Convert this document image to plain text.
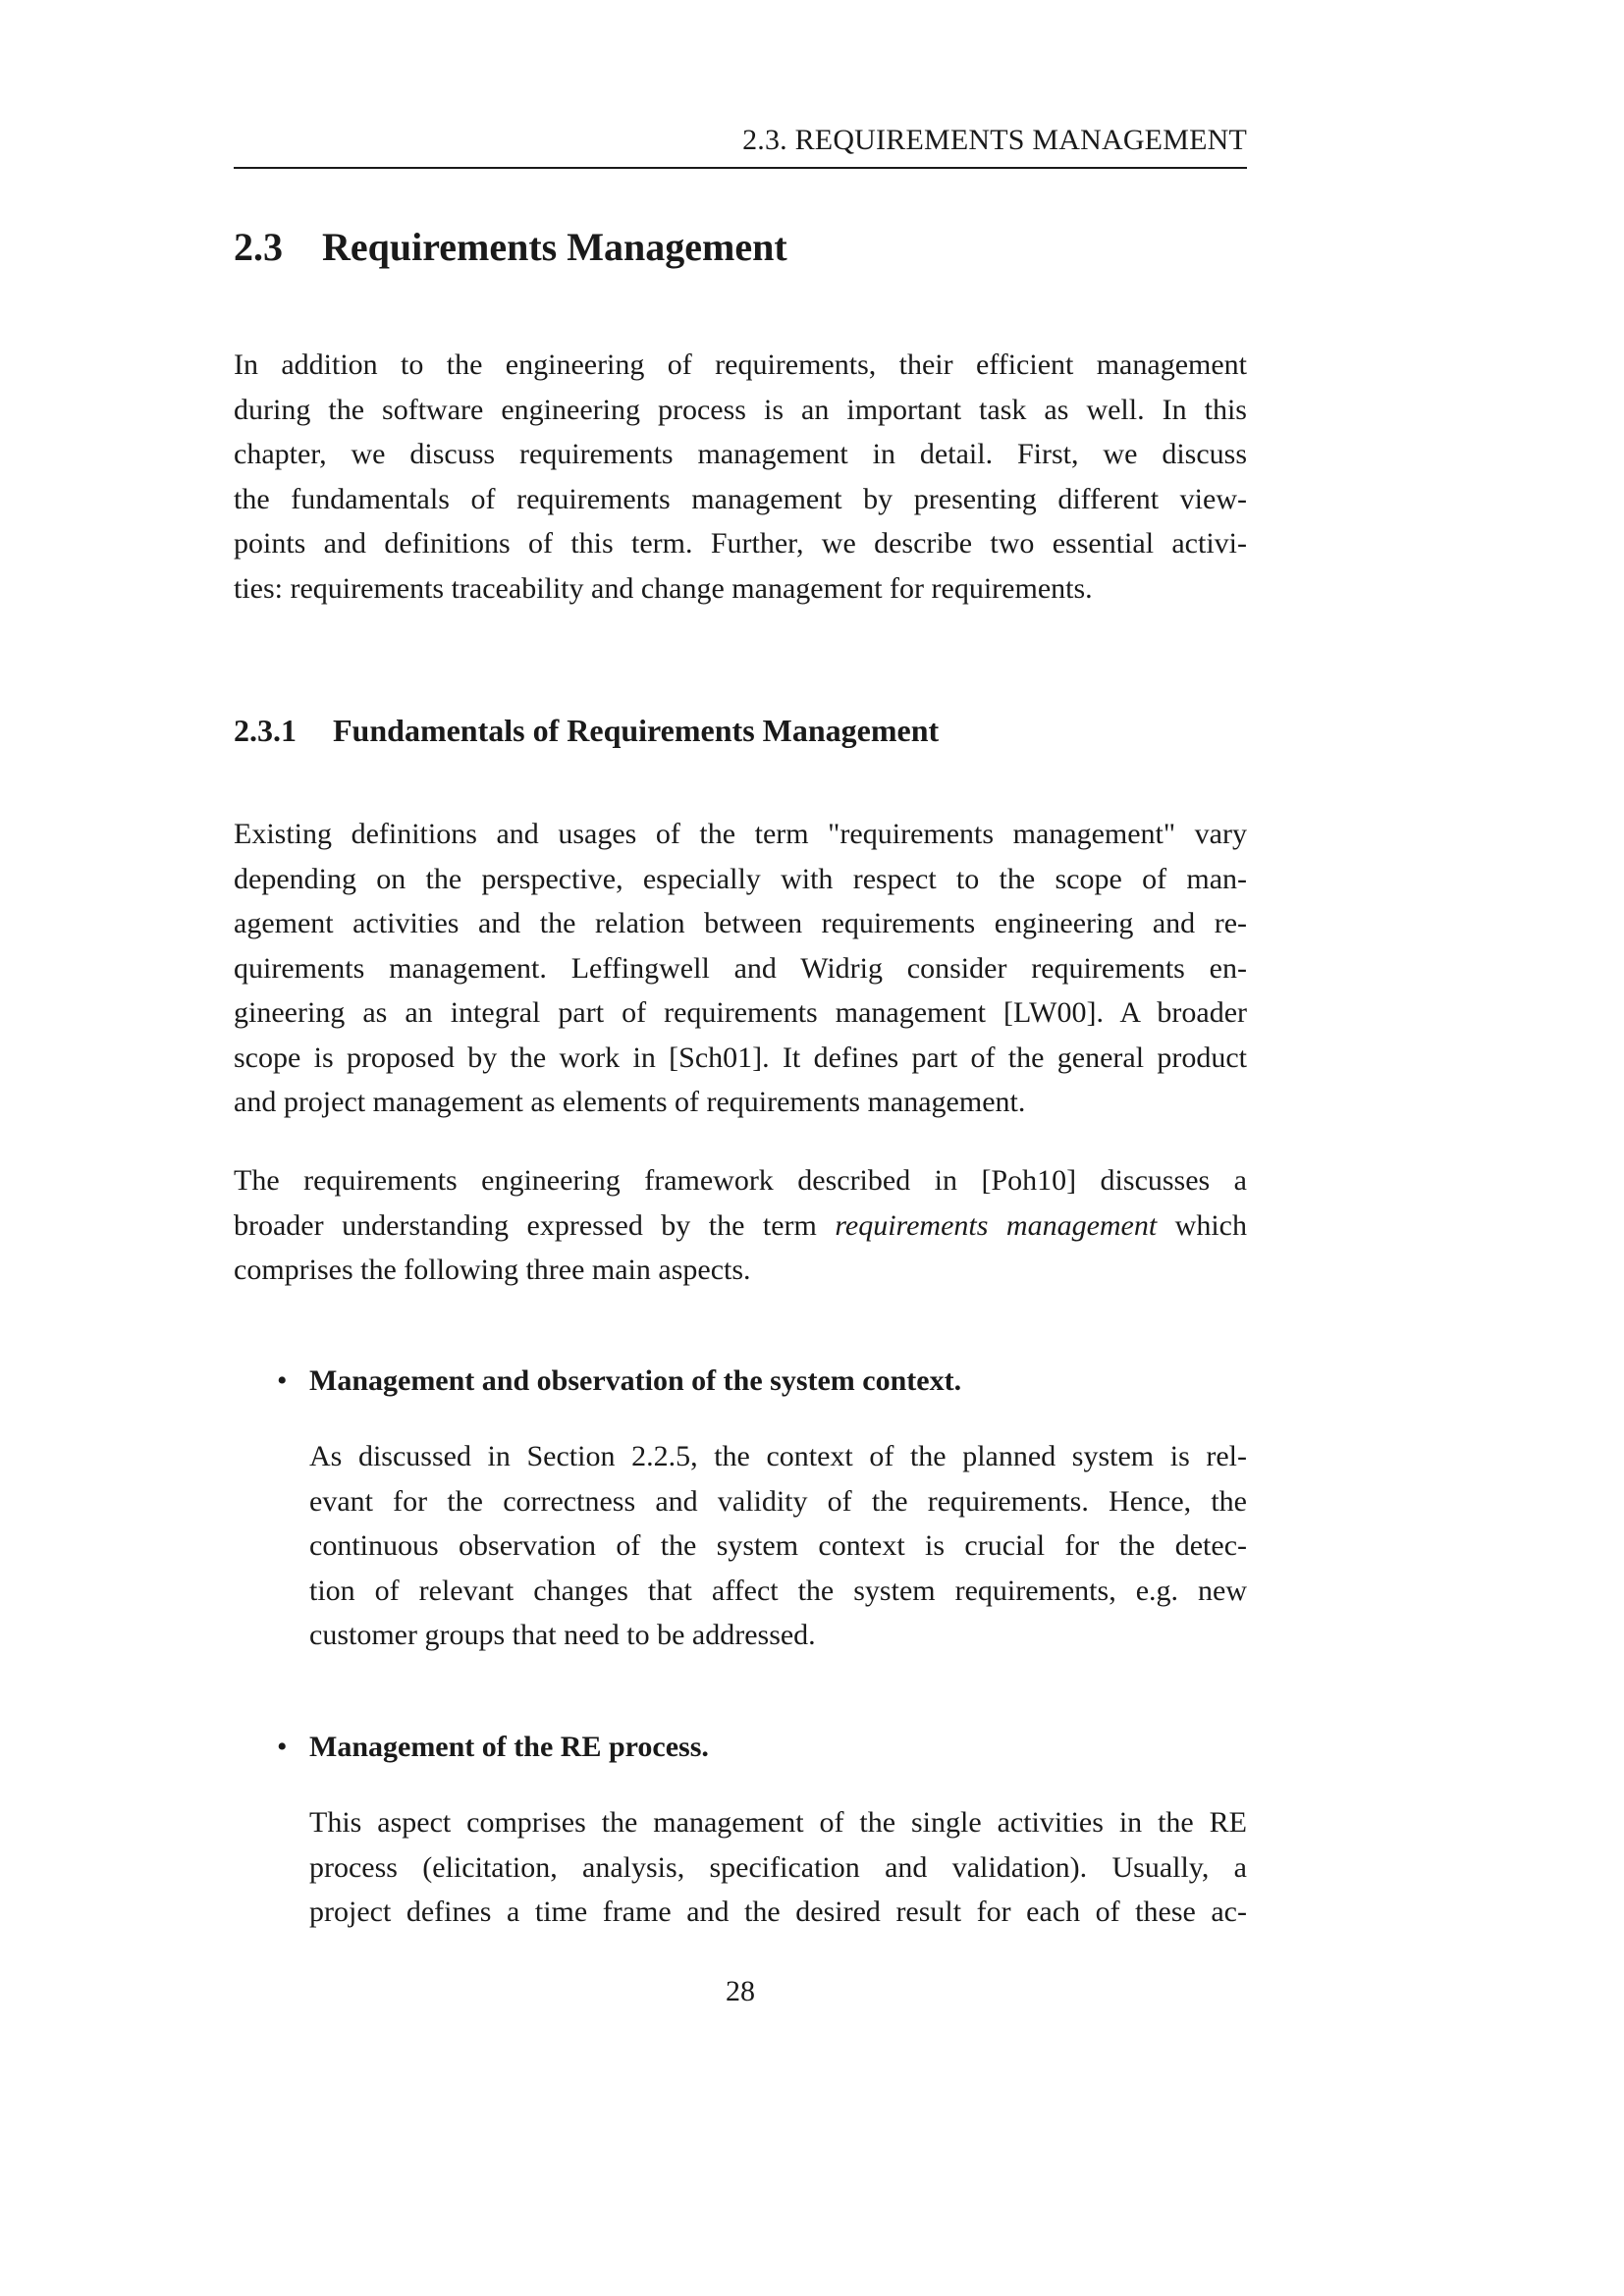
2.3. REQUIREMENTS MANAGEMENT
2.3 Requirements Management

In addition to the engineering of requirements, their efficient management
during the software engineering process is an important task as well. In this
chapter, we discuss requirements management in detail. First, we discuss
the fundamentals of requirements management by presenting different view-
points and definitions of this term. Further, we describe two essential activi-
ties: requirements traceability and change management for requirements.

2.3.1 Fundamentals of Requirements Management

Existing definitions and usages of the term "requirements management" vary
depending on the perspective, especially with respect to the scope of man-
agement activities and the relation between requirements engineering and re-
quirements management. Leffingwell and Widrig consider requirements en-
gineering as an integral part of requirements management [LW00]. A broader
scope is proposed by the work in [Sch01]. It defines part of the general product
and project management as elements of requirements management.

The requirements engineering framework described in [Poh10] discusses a
broader understanding expressed by the term requirements management which
comprises the following three main aspects.

• Management and observation of the system context.

As discussed in Section 2.2.5, the context of the planned system is rel-
evant for the correctness and validity of the requirements. Hence, the
continuous observation of the system context is crucial for the detec-
tion of relevant changes that affect the system requirements, e.g. new
customer groups that need to be addressed.

• Management of the RE process.

This aspect comprises the management of the single activities in the RE
process (elicitation, analysis, specification and validation). Usually, a
project defines a time frame and the desired result for each of these ac-

28
